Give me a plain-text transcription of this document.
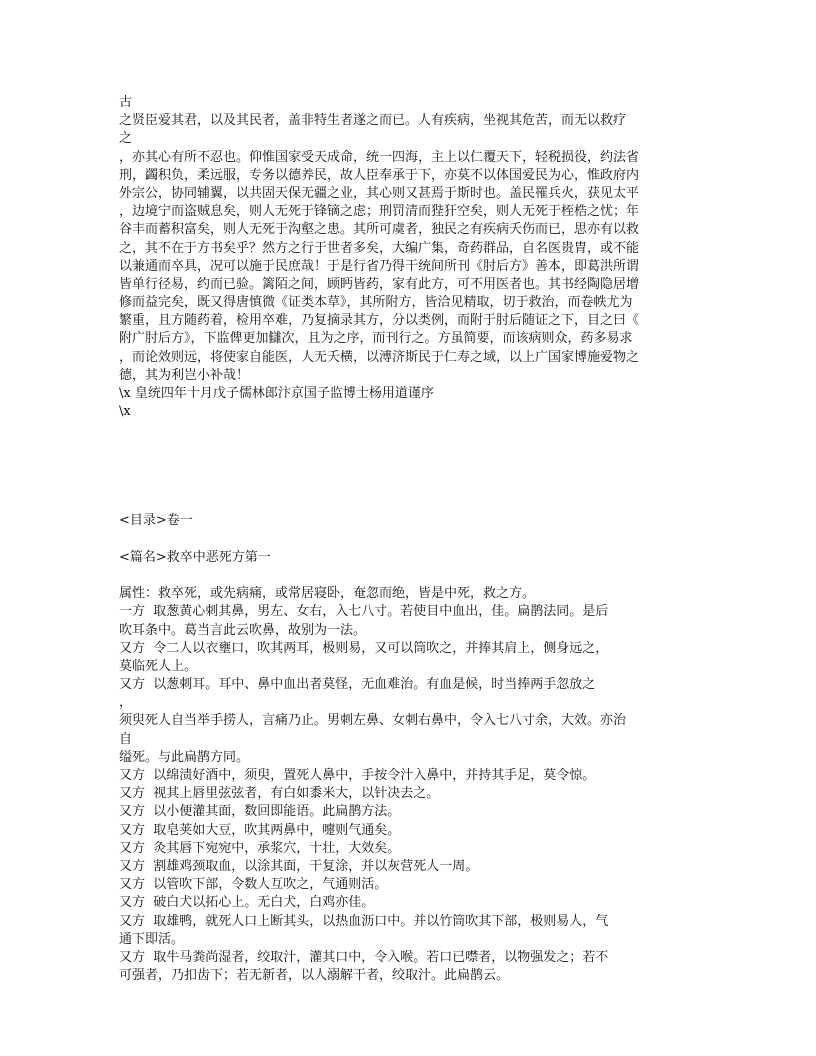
古
之贤臣爱其君，以及其民者，盖非特生者遂之而已。人有疾病，坐视其危苦，而无以救疗
之
，亦其心有所不忍也。仰惟国家受天成命，统一四海，主上以仁覆天下，轻税损役，约法省
刑，蠲积负，柔远服，专务以德养民，故人臣奉承于下，亦莫不以体国爱民为心，惟政府内
外宗公，协同辅翼，以共固天保无疆之业，其心则又甚焉于斯时也。盖民罹兵火，获见太平
，边境宁而盗贼息矣，则人无死于锋镝之虑；刑罚清而狴犴空矣，则人无死于桎梏之忧；年
谷丰而蓄积富矣，则人无死于沟壑之患。其所可虞者，独民之有疾病夭伤而已，思亦有以救
之，其不在于方书矣乎？然方之行于世者多矣，大编广集，奇药群品，自名医贵胄，或不能
以兼通而卒具，况可以施于民庶哉！于是行省乃得干统间所刊《肘后方》善本，即葛洪所谓
皆单行径易，约而已验。篱陌之间，顾眄皆药，家有此方，可不用医者也。其书经陶隐居增
修而益完矣，既又得唐慎微《证类本草》，其所附方，皆洽见精取，切于救治，而卷帙尤为
繁重，且方随药着，检用卒难，乃复摘录其方，分以类例，而附于肘后随证之下，目之曰《
附广肘后方》，下监俾更加讎次，且为之序，而刊行之。方虽简要，而该病则众，药多易求
，而论效则远，将使家自能医，人无夭横，以溥济斯民于仁寿之域，以上广国家博施爱物之
德，其为利岂小补哉！
\x 皇统四年十月戊子儒林郎汴京国子监博士杨用道谨序
\x
<目录>卷一
<篇名>救卒中恶死方第一
属性：救卒死，或先病痛，或常居寝卧，奄忽而绝，皆是中死，救之方。
一方  取葱黄心刺其鼻，男左、女右，入七八寸。若使目中血出，佳。扁鹊法同。是后
吹耳条中。葛当言此云吹鼻，故别为一法。
又方  令二人以衣壅口，吹其两耳，极则易，又可以筒吹之，并捧其肩上，侧身远之，
莫临死人上。
又方  以葱刺耳。耳中、鼻中血出者莫怪，无血难治。有血是候，时当捧两手忽放之
，
须臾死人自当举手捞人，言痛乃止。男刺左鼻、女刺右鼻中，令入七八寸余，大效。亦治
自
缢死。与此扁鹊方同。
又方  以绵渍好酒中，须臾，置死人鼻中，手按令汁入鼻中，并持其手足，莫令惊。
又方  视其上唇里弦弦者，有白如黍米大，以针决去之。
又方  以小便灌其面，数回即能语。此扁鹊方法。
又方  取皂荚如大豆，吹其两鼻中，嚏则气通矣。
又方  灸其唇下宛宛中，承浆穴，十壮，大效矣。
又方  割雄鸡颈取血，以涂其面，干复涂，并以灰营死人一周。
又方  以管吹下部，令数人互吹之，气通则活。
又方  破白犬以拓心上。无白犬，白鸡亦佳。
又方  取雄鸭，就死人口上断其头，以热血沥口中。并以竹筒吹其下部，极则易人，气
通下即活。
又方  取牛马粪尚湿者，绞取汁，灌其口中，令入喉。若口已噤者，以物强发之；若不
可强者，乃扣齿下；若无新者，以人溺解干者，绞取汁。此扁鹊云。
